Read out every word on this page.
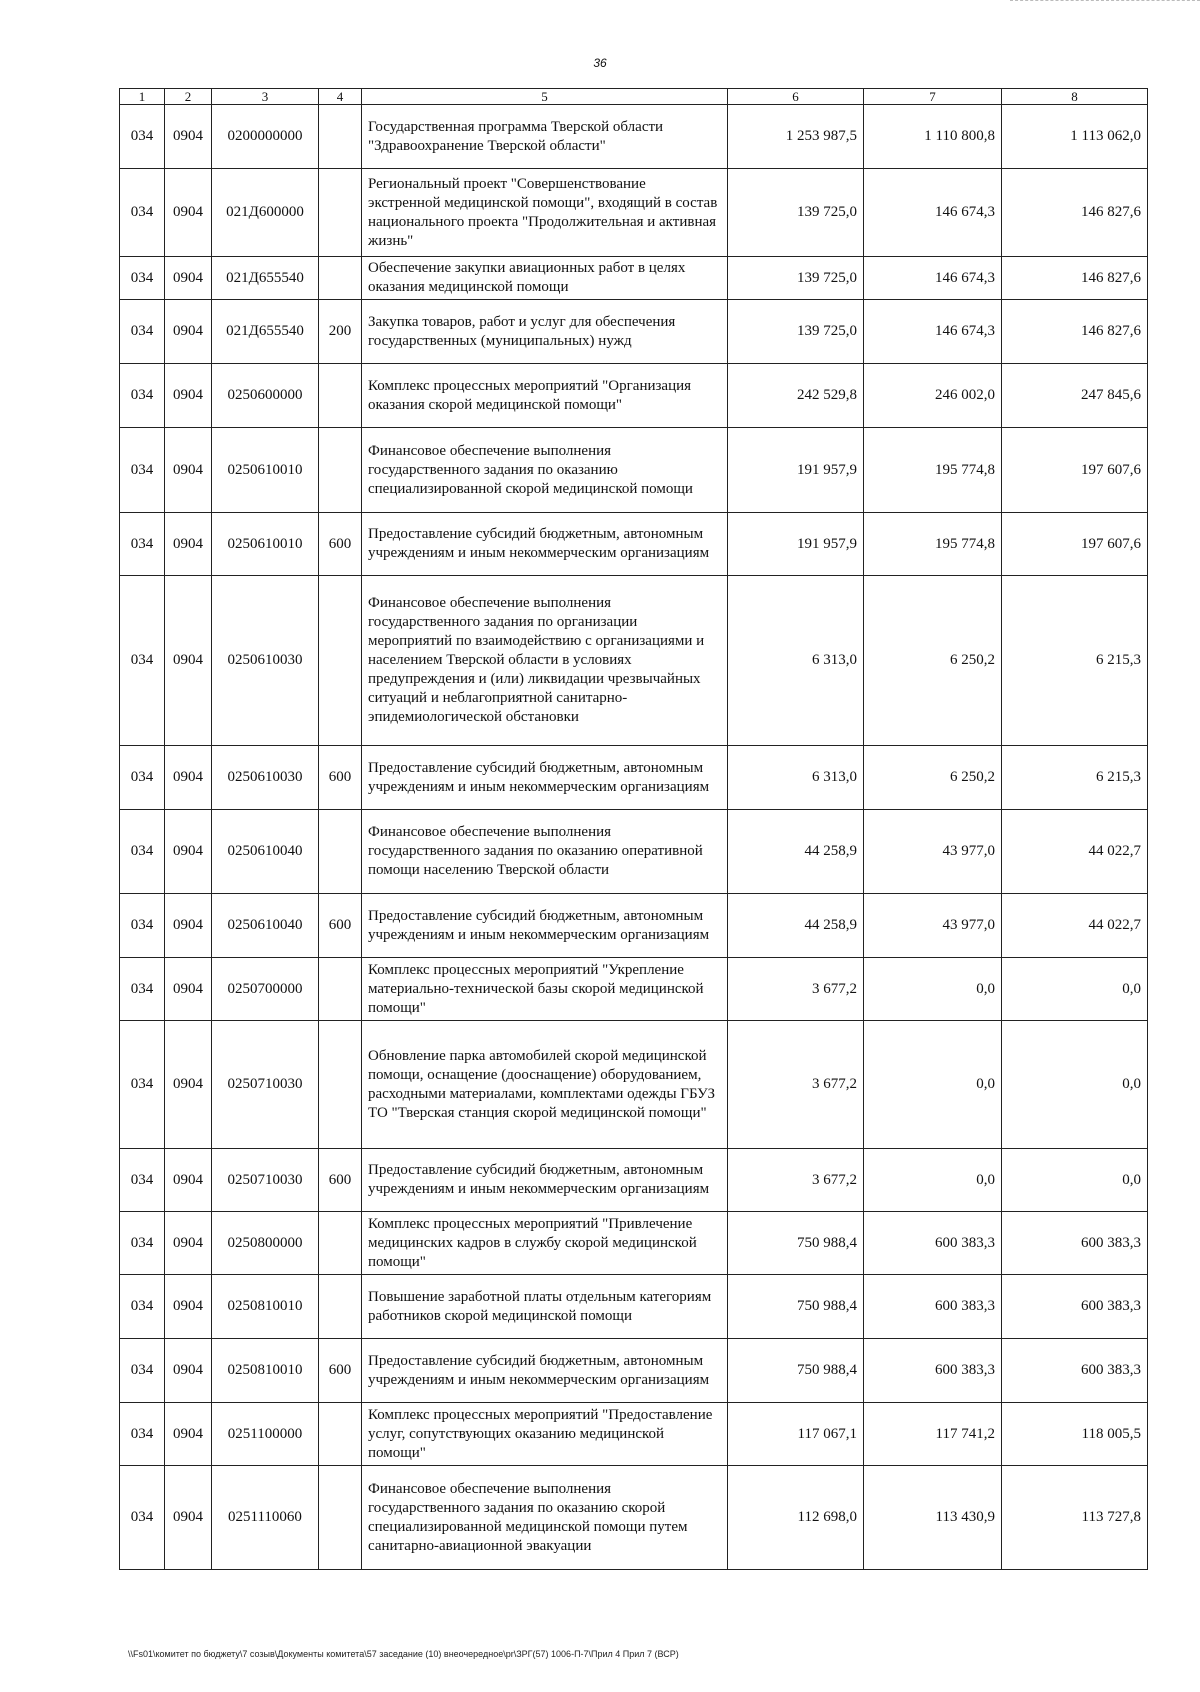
36
1	2	3	4	5	6	7	8
034	0904	0200000000		Государственная программа Тверской области "Здравоохранение Тверской области"	1 253 987,5	1 110 800,8	1 113 062,0
034	0904	021Д600000		Региональный проект "Совершенствование экстренной медицинской помощи", входящий в состав национального проекта "Продолжительная и активная жизнь"	139 725,0	146 674,3	146 827,6
034	0904	021Д655540		Обеспечение закупки авиационных работ в целях оказания медицинской помощи	139 725,0	146 674,3	146 827,6
034	0904	021Д655540	200	Закупка товаров, работ и услуг для обеспечения государственных (муниципальных) нужд	139 725,0	146 674,3	146 827,6
034	0904	0250600000		Комплекс процессных мероприятий "Организация оказания скорой медицинской помощи"	242 529,8	246 002,0	247 845,6
034	0904	0250610010		Финансовое обеспечение выполнения государственного задания по оказанию специализированной скорой медицинской помощи	191 957,9	195 774,8	197 607,6
034	0904	0250610010	600	Предоставление субсидий бюджетным, автономным учреждениям и иным некоммерческим организациям	191 957,9	195 774,8	197 607,6
034	0904	0250610030		Финансовое обеспечение выполнения государственного задания по организации мероприятий по взаимодействию с организациями и населением Тверской области в условиях предупреждения и (или) ликвидации чрезвычайных ситуаций и неблагоприятной санитарно-эпидемиологической обстановки	6 313,0	6 250,2	6 215,3
034	0904	0250610030	600	Предоставление субсидий бюджетным, автономным учреждениям и иным некоммерческим организациям	6 313,0	6 250,2	6 215,3
034	0904	0250610040		Финансовое обеспечение выполнения государственного задания по оказанию оперативной помощи населению Тверской области	44 258,9	43 977,0	44 022,7
034	0904	0250610040	600	Предоставление субсидий бюджетным, автономным учреждениям и иным некоммерческим организациям	44 258,9	43 977,0	44 022,7
034	0904	0250700000		Комплекс процессных мероприятий "Укрепление материально-технической базы скорой медицинской помощи"	3 677,2	0,0	0,0
034	0904	0250710030		Обновление парка автомобилей скорой медицинской помощи, оснащение (дооснащение) оборудованием, расходными материалами, комплектами одежды ГБУЗ ТО "Тверская станция скорой медицинской помощи"	3 677,2	0,0	0,0
034	0904	0250710030	600	Предоставление субсидий бюджетным, автономным учреждениям и иным некоммерческим организациям	3 677,2	0,0	0,0
034	0904	0250800000		Комплекс процессных мероприятий "Привлечение медицинских кадров в службу скорой медицинской помощи"	750 988,4	600 383,3	600 383,3
034	0904	0250810010		Повышение заработной платы отдельным категориям работников скорой медицинской помощи	750 988,4	600 383,3	600 383,3
034	0904	0250810010	600	Предоставление субсидий бюджетным, автономным учреждениям и иным некоммерческим организациям	750 988,4	600 383,3	600 383,3
034	0904	0251100000		Комплекс процессных мероприятий "Предоставление услуг, сопутствующих оказанию медицинской помощи"	117 067,1	117 741,2	118 005,5
034	0904	0251110060		Финансовое обеспечение выполнения государственного задания по оказанию скорой специализированной медицинской помощи путем санитарно-авиационной эвакуации	112 698,0	113 430,9	113 727,8
\\Fs01\комитет по бюджету\7 созыв\Документы комитета\57 заседание (10) внеочередное\pr\ЗРГ(57) 1006-П-7\Прил 4 Прил 7 (ВСР)
